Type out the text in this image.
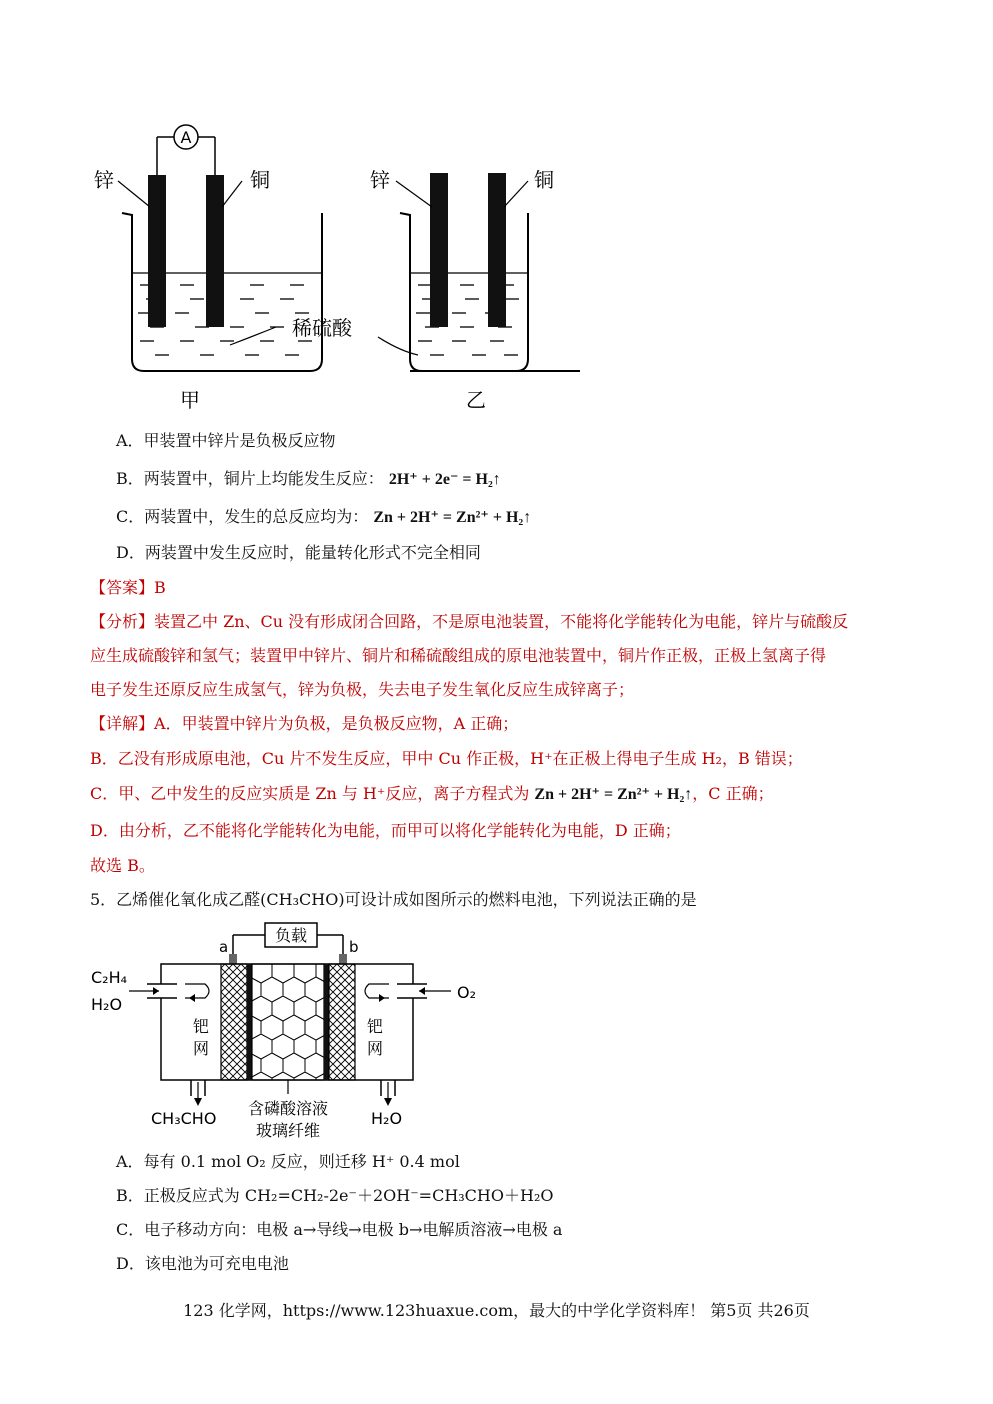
A
锌	铜
甲
锌	铜
乙
稀硫酸
A．甲装置中锌片是负极反应物
B．两装置中，铜片上均能发生反应： 2H⁺ + 2e⁻ = H₂↑
C．两装置中，发生的总反应均为： Zn + 2H⁺ = Zn²⁺ + H₂↑
D．两装置中发生反应时，能量转化形式不完全相同
【答案】B
【分析】装置乙中 Zn、Cu 没有形成闭合回路，不是原电池装置，不能将化学能转化为电能，锌片与硫酸反
应生成硫酸锌和氢气；装置甲中锌片、铜片和稀硫酸组成的原电池装置中，铜片作正极，正极上氢离子得
电子发生还原反应生成氢气，锌为负极，失去电子发生氧化反应生成锌离子；
【详解】A．甲装置中锌片为负极，是负极反应物，A 正确；
B．乙没有形成原电池，Cu 片不发生反应，甲中 Cu 作正极，H⁺在正极上得电子生成 H₂，B 错误；
C．甲、乙中发生的反应实质是 Zn 与 H⁺反应，离子方程式为 Zn + 2H⁺ = Zn²⁺ + H₂↑，C 正确；
D．由分析，乙不能将化学能转化为电能，而甲可以将化学能转化为电能，D 正确；
故选 B。
5．乙烯催化氧化成乙醛(CH₃CHO)可设计成如图所示的燃料电池，下列说法正确的是
负载
a	b
C₂H₄
H₂O
O₂
钯
网
钯
网
CH₃CHO	H₂O
含磷酸溶液
玻璃纤维
A．每有 0.1 mol O₂ 反应，则迁移 H⁺ 0.4 mol
B．正极反应式为 CH₂=CH₂-2e⁻＋2OH⁻=CH₃CHO＋H₂O
C．电子移动方向：电极 a→导线→电极 b→电解质溶液→电极 a
D．该电池为可充电电池
123 化学网，https://www.123huaxue.com，最大的中学化学资料库！ 第5页 共26页
